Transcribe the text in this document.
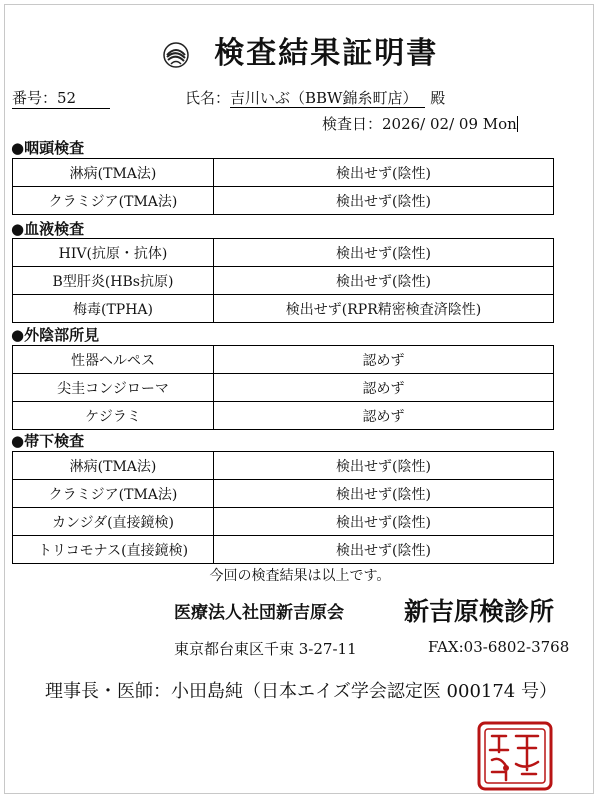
検査結果証明書
番号：52	氏名：吉川いぶ（BBW錦糸町店） 殿
検査日：2026/ 02/ 09 Mon
●咽頭検査
淋病(TMA法)	検出せず(陰性)
クラミジア(TMA法)	検出せず(陰性)
●血液検査
HIV(抗原・抗体)	検出せず(陰性)
B型肝炎(HBs抗原)	検出せず(陰性)
梅毒(TPHA)	検出せず(RPR精密検査済陰性)
●外陰部所見
性器ヘルペス	認めず
尖圭コンジローマ	認めず
ケジラミ	認めず
●帯下検査
淋病(TMA法)	検出せず(陰性)
クラミジア(TMA法)	検出せず(陰性)
カンジダ(直接鏡検)	検出せず(陰性)
トリコモナス(直接鏡検)	検出せず(陰性)
今回の検査結果は以上です。
医療法人社団新吉原会 新吉原検診所
東京都台東区千束 3-27-11	FAX:03-6802-3768
理事長・医師：小田島純（日本エイズ学会認定医 000174 号）
